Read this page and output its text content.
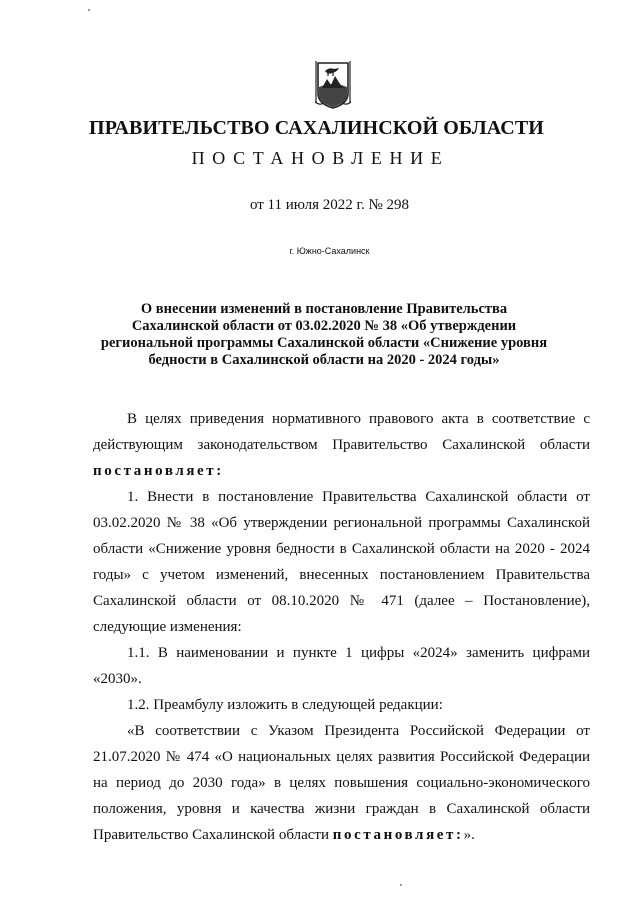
ПРАВИТЕЛЬСТВО САХАЛИНСКОЙ ОБЛАСТИ
ПОСТАНОВЛЕНИЕ
от 11 июля 2022 г. № 298
г. Южно-Сахалинск
О внесении изменений в постановление Правительства Сахалинской области от 03.02.2020 № 38 «Об утверждении региональной программы Сахалинской области «Снижение уровня бедности в Сахалинской области на 2020 - 2024 годы»

В целях приведения нормативного правового акта в соответствие с действующим законодательством Правительство Сахалинской области постановляет:

1. Внести в постановление Правительства Сахалинской области от 03.02.2020 № 38 «Об утверждении региональной программы Сахалинской области «Снижение уровня бедности в Сахалинской области на 2020 - 2024 годы» с учетом изменений, внесенных постановлением Правительства Сахалинской области от 08.10.2020 № 471 (далее – Постановление), следующие изменения:

1.1. В наименовании и пункте 1 цифры «2024» заменить цифрами «2030».

1.2. Преамбулу изложить в следующей редакции:

«В соответствии с Указом Президента Российской Федерации от 21.07.2020 № 474 «О национальных целях развития Российской Федерации на период до 2030 года» в целях повышения социально-экономического положения, уровня и качества жизни граждан в Сахалинской области Правительство Сахалинской области постановляет:».
